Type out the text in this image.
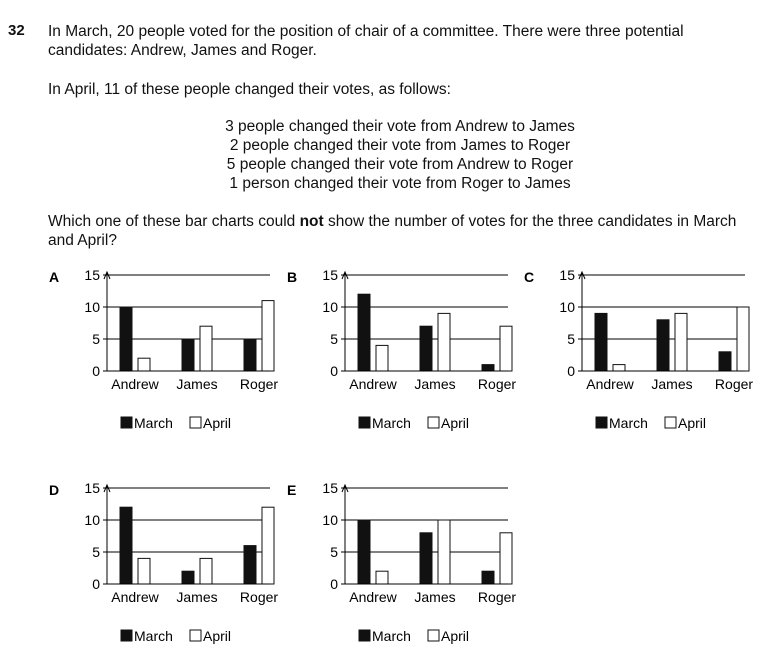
32 In March, 20 people voted for the position of chair of a committee. There were three potential candidates: Andrew, James and Roger.
In April, 11 of these people changed their votes, as follows:
3 people changed their vote from Andrew to James
2 people changed their vote from James to Roger
5 people changed their vote from Andrew to Roger
1 person changed their vote from Roger to James
Which one of these bar charts could not show the number of votes for the three candidates in March and April?
A
0
5
10
15
Andrew James Roger
March April
B
0
5
10
15
Andrew James Roger
March April
C
0
5
10
15
Andrew James Roger
March April
D
0
5
10
15
Andrew James Roger
March April
E
0
5
10
15
Andrew James Roger
March April
